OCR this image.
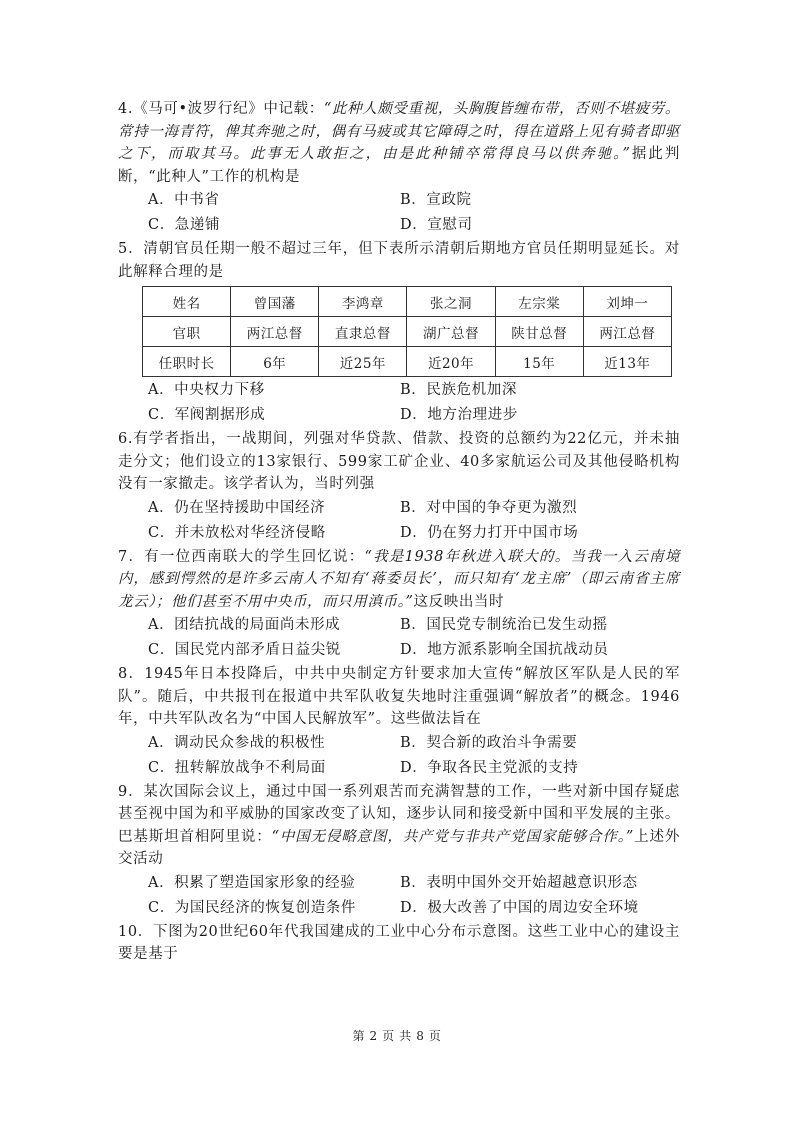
4.《马可•波罗行纪》中记载：“此种人颇受重视，头胸腹皆缠布带，否则不堪疲劳。常持一海青符，俾其奔驰之时，偶有马疲或其它障碍之时，得在道路上见有骑者即驱之下，而取其马。此事无人敢拒之，由是此种铺卒常得良马以供奔驰。”据此判断，“此种人”工作的机构是

A．中书省	B．宣政院
C．急递铺	D．宣慰司

5．清朝官员任期一般不超过三年，但下表所示清朝后期地方官员任期明显延长。对此解释合理的是

姓名	曾国藩	李鸿章	张之洞	左宗棠	刘坤一
官职	两江总督	直隶总督	湖广总督	陕甘总督	两江总督
任职时长	6年	近25年	近20年	15年	近13年
A．中央权力下移	B．民族危机加深
C．军阀割据形成	D．地方治理进步

6.有学者指出，一战期间，列强对华贷款、借款、投资的总额约为22亿元，并未抽走分文；他们设立的13家银行、599家工矿企业、40多家航运公司及其他侵略机构没有一家撤走。该学者认为，当时列强

A．仍在坚持援助中国经济	B．对中国的争夺更为激烈
C．并未放松对华经济侵略	D．仍在努力打开中国市场

7．有一位西南联大的学生回忆说：“我是1938年秋进入联大的。当我一入云南境内，感到愕然的是许多云南人不知有‘蒋委员长’，而只知有‘龙主席’（即云南省主席龙云）；他们甚至不用中央币，而只用滇币。”这反映出当时

A．团结抗战的局面尚未形成	B．国民党专制统治已发生动摇
C．国民党内部矛盾日益尖锐	D．地方派系影响全国抗战动员

8．1945年日本投降后，中共中央制定方针要求加大宣传“解放区军队是人民的军队”。随后，中共报刊在报道中共军队收复失地时注重强调“解放者”的概念。1946年，中共军队改名为“中国人民解放军”。这些做法旨在

A．调动民众参战的积极性	B．契合新的政治斗争需要
C．扭转解放战争不利局面	D．争取各民主党派的支持

9．某次国际会议上，通过中国一系列艰苦而充满智慧的工作，一些对新中国存疑虑甚至视中国为和平威胁的国家改变了认知，逐步认同和接受新中国和平发展的主张。巴基斯坦首相阿里说：“中国无侵略意图，共产党与非共产党国家能够合作。”上述外交活动

A．积累了塑造国家形象的经验	B．表明中国外交开始超越意识形态
C．为国民经济的恢复创造条件	D．极大改善了中国的周边安全环境

10．下图为20世纪60年代我国建成的工业中心分布示意图。这些工业中心的建设主要是基于

第 2 页 共 8 页
